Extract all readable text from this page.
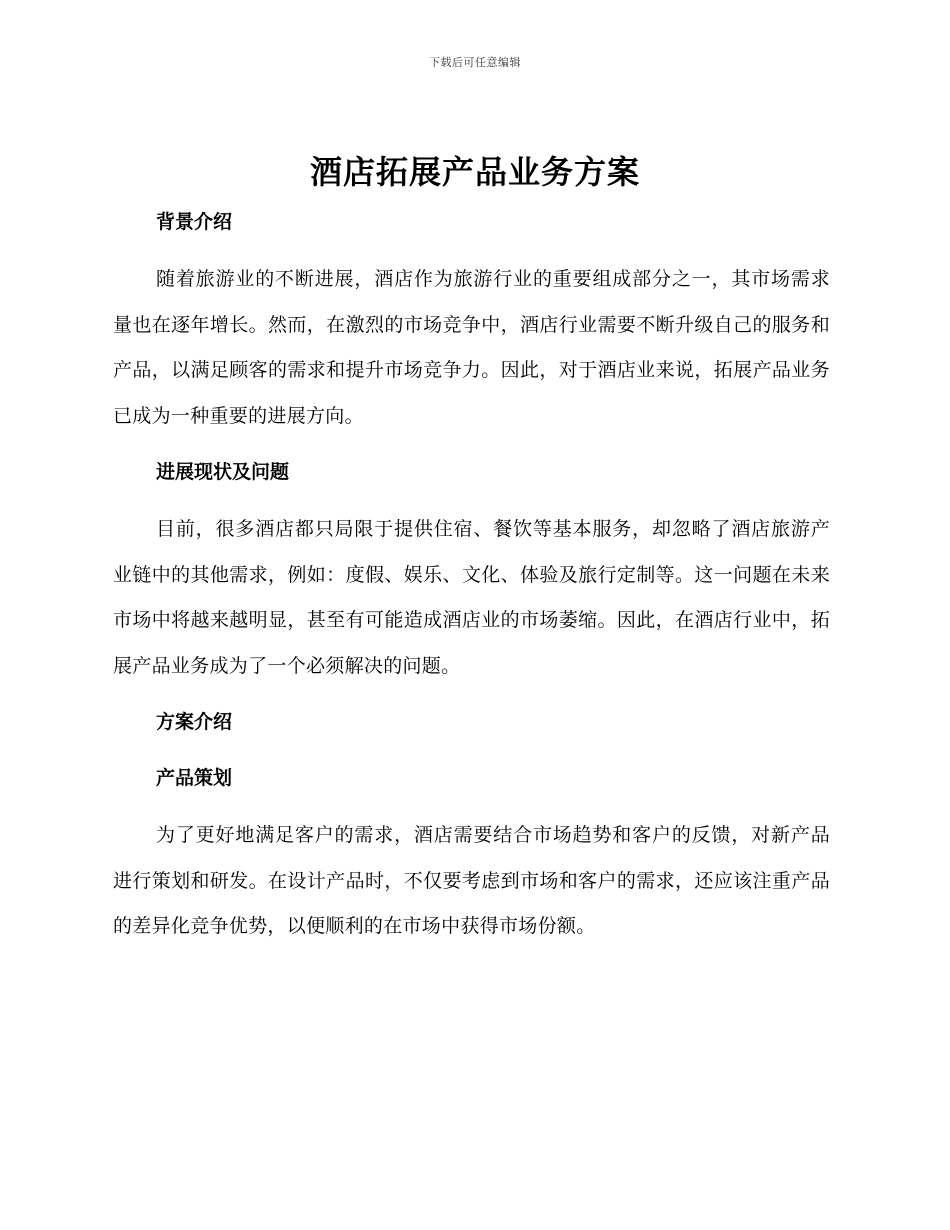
下载后可任意编辑
酒店拓展产品业务方案
背景介绍

随着旅游业的不断进展，酒店作为旅游行业的重要组成部分之一，其市场需求量也在逐年增长。然而，在激烈的市场竞争中，酒店行业需要不断升级自己的服务和产品，以满足顾客的需求和提升市场竞争力。因此，对于酒店业来说，拓展产品业务已成为一种重要的进展方向。

进展现状及问题

目前，很多酒店都只局限于提供住宿、餐饮等基本服务，却忽略了酒店旅游产业链中的其他需求，例如：度假、娱乐、文化、体验及旅行定制等。这一问题在未来市场中将越来越明显，甚至有可能造成酒店业的市场萎缩。因此，在酒店行业中，拓展产品业务成为了一个必须解决的问题。

方案介绍
产品策划

为了更好地满足客户的需求，酒店需要结合市场趋势和客户的反馈，对新产品进行策划和研发。在设计产品时，不仅要考虑到市场和客户的需求，还应该注重产品的差异化竞争优势，以便顺利的在市场中获得市场份额。
